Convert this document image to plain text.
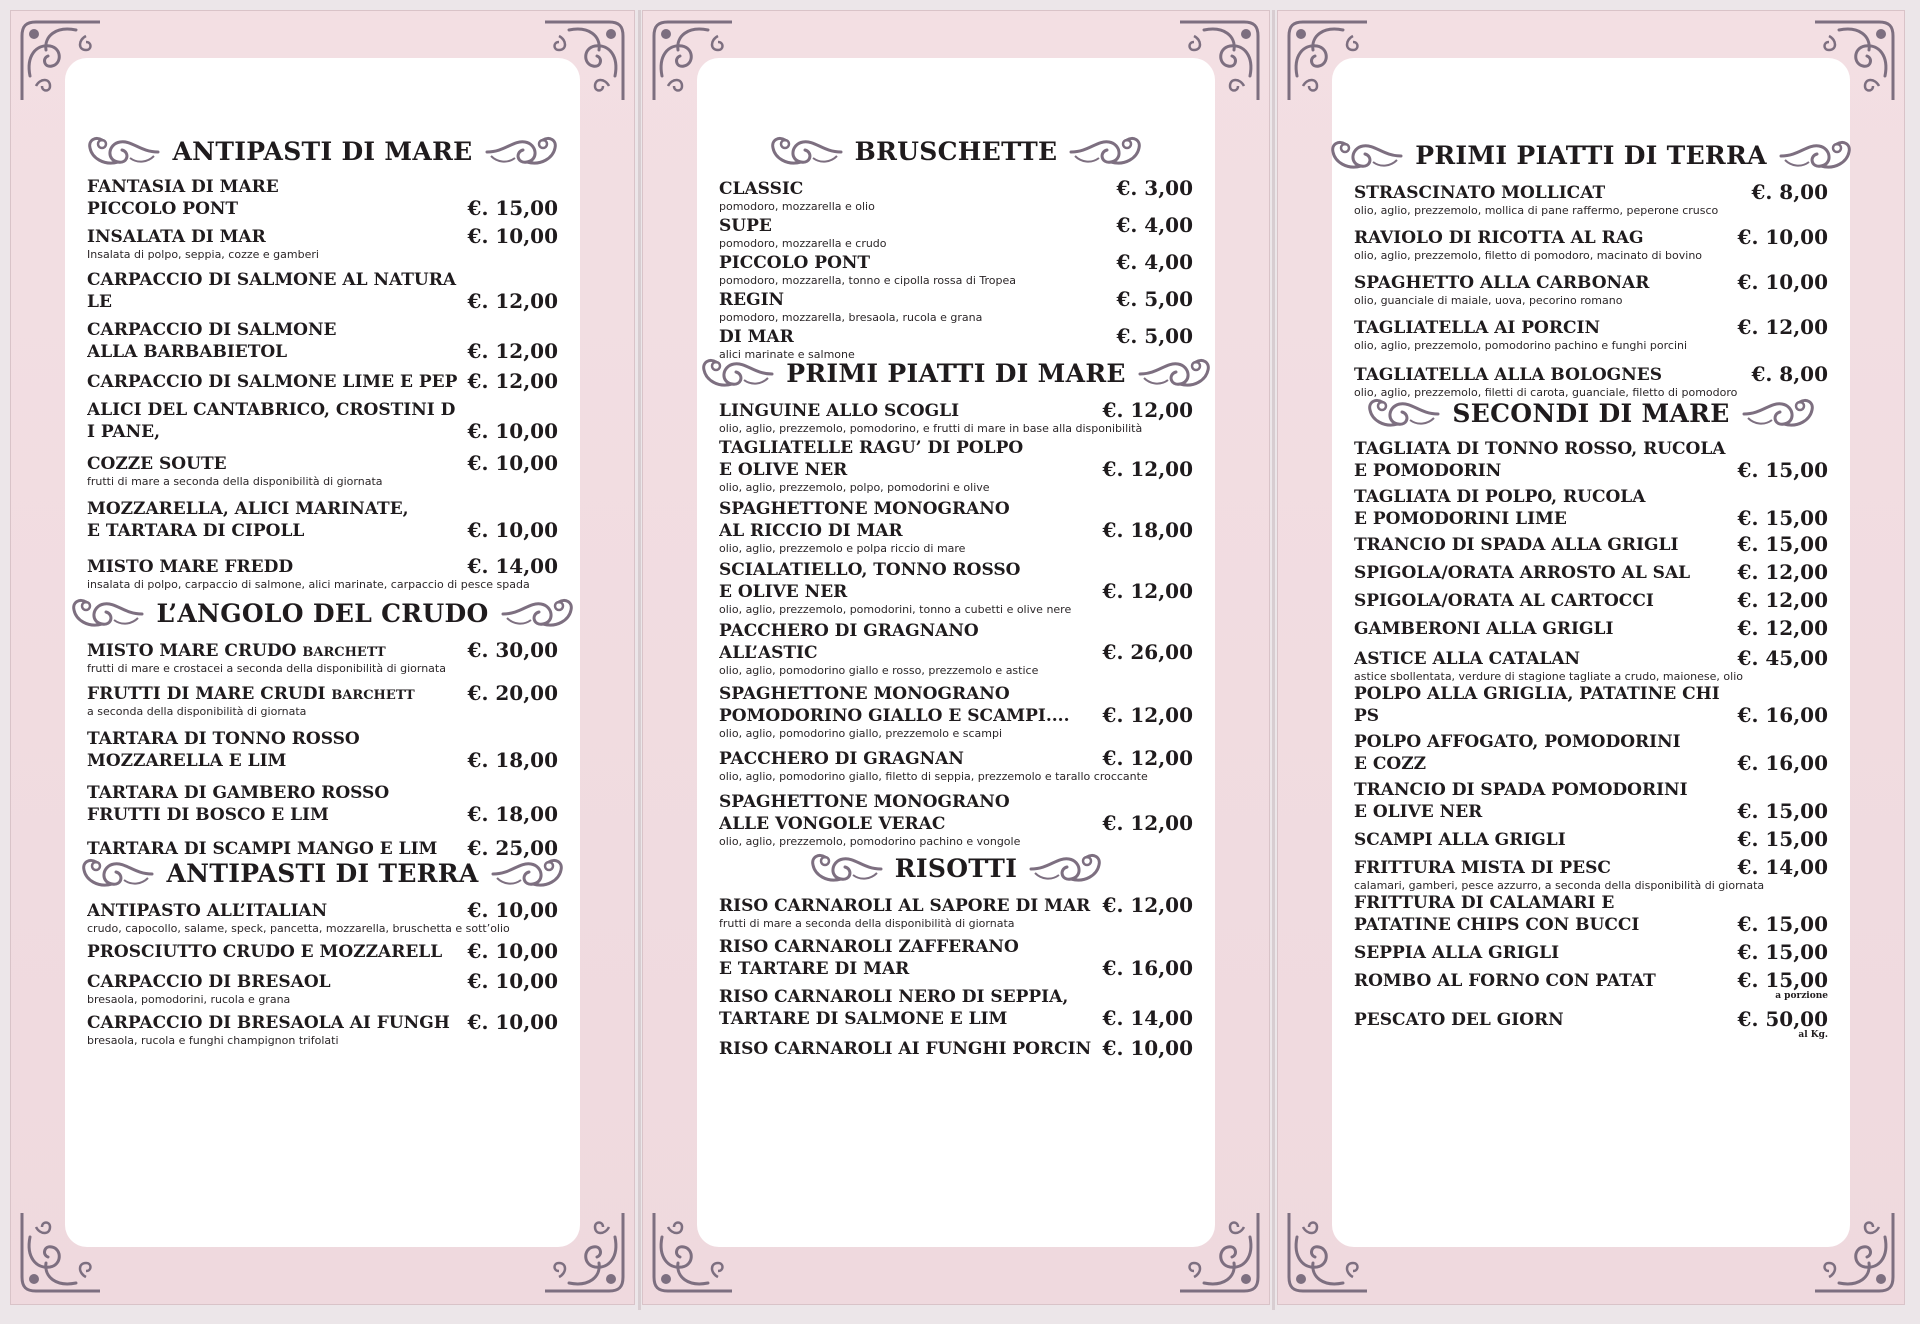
ANTIPASTI DI MARE
FANTASIA DI MARE
PICCOLO PONT	€. 15,00
INSALATA DI MAR	€. 10,00
Insalata di polpo, seppia, cozze e gamberi
CARPACCIO DI SALMONE AL NATURALE	€. 12,00
CARPACCIO DI SALMONE
ALLA BARBABIETOL	€. 12,00
CARPACCIO DI SALMONE LIME E PEP €. 12,00
ALICI DEL CANTABRICO, CROSTINI DI PANE,	€. 10,00
COZZE SOUTE	€. 10,00
frutti di mare a seconda della disponibilità di giornata
MOZZARELLA, ALICI MARINATE,
E TARTARA DI CIPOLL	€. 10,00
MISTO MARE FREDD	€. 14,00
insalata di polpo, carpaccio di salmone, alici marinate, carpaccio di pesce spada
L’ANGOLO DEL CRUDO
MISTO MARE CRUDO BARCHETT	€. 30,00
frutti di mare e crostacei a seconda della disponibilità di giornata
FRUTTI DI MARE CRUDI BARCHETT	€. 20,00
a seconda della disponibilità di giornata
TARTARA DI TONNO ROSSO
MOZZARELLA E LIM	€. 18,00
TARTARA DI GAMBERO ROSSO
FRUTTI DI BOSCO E LIM	€. 18,00
TARTARA DI SCAMPI MANGO E LIM	€. 25,00
ANTIPASTI DI TERRA
ANTIPASTO ALL’ITALIAN	€. 10,00
crudo, capocollo, salame, speck, pancetta, mozzarella, bruschetta e sott’olio
PROSCIUTTO CRUDO E MOZZARELL	€. 10,00
CARPACCIO DI BRESAOL	€. 10,00
bresaola, pomodorini, rucola e grana
CARPACCIO DI BRESAOLA AI FUNGH €. 10,00
bresaola, rucola e funghi champignon trifolati
BRUSCHETTE
CLASSIC	€. 3,00
pomodoro, mozzarella e olio
SUPE	€. 4,00
pomodoro, mozzarella e crudo
PICCOLO PONT	€. 4,00
pomodoro, mozzarella, tonno e cipolla rossa di Tropea
REGIN	€. 5,00
pomodoro, mozzarella, bresaola, rucola e grana
DI MAR	€. 5,00
alici marinate e salmone
PRIMI PIATTI DI MARE
LINGUINE ALLO SCOGLI	€. 12,00
olio, aglio, prezzemolo, pomodorino, e frutti di mare in base alla disponibilità
TAGLIATELLE RAGU’ DI POLPO
E OLIVE NER	€. 12,00
olio, aglio, prezzemolo, polpo, pomodorini e olive
SPAGHETTONE MONOGRANO
AL RICCIO DI MAR	€. 18,00
olio, aglio, prezzemolo e polpa riccio di mare
SCIALATIELLO, TONNO ROSSO
E OLIVE NER	€. 12,00
olio, aglio, prezzemolo, pomodorini, tonno a cubetti e olive nere
PACCHERO DI GRAGNANO
ALL’ASTIC	€. 26,00
olio, aglio, pomodorino giallo e rosso, prezzemolo e astice
SPAGHETTONE MONOGRANO
POMODORINO GIALLO E SCAMPI....	€. 12,00
olio, aglio, pomodorino giallo, prezzemolo e scampi
PACCHERO DI GRAGNAN	€. 12,00
olio, aglio, pomodorino giallo, filetto di seppia, prezzemolo e tarallo croccante
SPAGHETTONE MONOGRANO
ALLE VONGOLE VERAC	€. 12,00
olio, aglio, prezzemolo, pomodorino pachino e vongole
RISOTTI
RISO CARNAROLI AL SAPORE DI MAR €. 12,00
frutti di mare a seconda della disponibilità di giornata
RISO CARNAROLI ZAFFERANO
E TARTARE DI MAR	€. 16,00
RISO CARNAROLI NERO DI SEPPIA,
TARTARE DI SALMONE E LIM	€. 14,00
RISO CARNAROLI AI FUNGHI PORCIN €. 10,00
PRIMI PIATTI DI TERRA
STRASCINATO MOLLICAT	€. 8,00
olio, aglio, prezzemolo, mollica di pane raffermo, peperone crusco
RAVIOLO DI RICOTTA AL RAG	€. 10,00
olio, aglio, prezzemolo, filetto di pomodoro, macinato di bovino
SPAGHETTO ALLA CARBONAR	€. 10,00
olio, guanciale di maiale, uova, pecorino romano
TAGLIATELLA AI PORCIN	€. 12,00
olio, aglio, prezzemolo, pomodorino pachino e funghi porcini
TAGLIATELLA ALLA BOLOGNES	€. 8,00
olio, aglio, prezzemolo, filetti di carota, guanciale, filetto di pomodoro
SECONDI DI MARE
TAGLIATA DI TONNO ROSSO, RUCOLA
E POMODORIN	€. 15,00
TAGLIATA DI POLPO, RUCOLA
E POMODORINI LIME	€. 15,00
TRANCIO DI SPADA ALLA GRIGLI	€. 15,00
SPIGOLA/ORATA ARROSTO AL SAL	€. 12,00
SPIGOLA/ORATA AL CARTOCCI	€. 12,00
GAMBERONI ALLA GRIGLI	€. 12,00
ASTICE ALLA CATALAN	€. 45,00
astice sbollentata, verdure di stagione tagliate a crudo, maionese, olio
POLPO ALLA GRIGLIA, PATATINE CHIPS	€. 16,00
POLPO AFFOGATO, POMODORINI
E COZZ	€. 16,00
TRANCIO DI SPADA POMODORINI
E OLIVE NER	€. 15,00
SCAMPI ALLA GRIGLI	€. 15,00
FRITTURA MISTA DI PESC	€. 14,00
calamari, gamberi, pesce azzurro, a seconda della disponibilità di giornata
FRITTURA DI CALAMARI E
PATATINE CHIPS CON BUCCI	€. 15,00
SEPPIA ALLA GRIGLI	€. 15,00
ROMBO AL FORNO CON PATAT	€. 15,00
a porzione
PESCATO DEL GIORN	€. 50,00
al Kg.
